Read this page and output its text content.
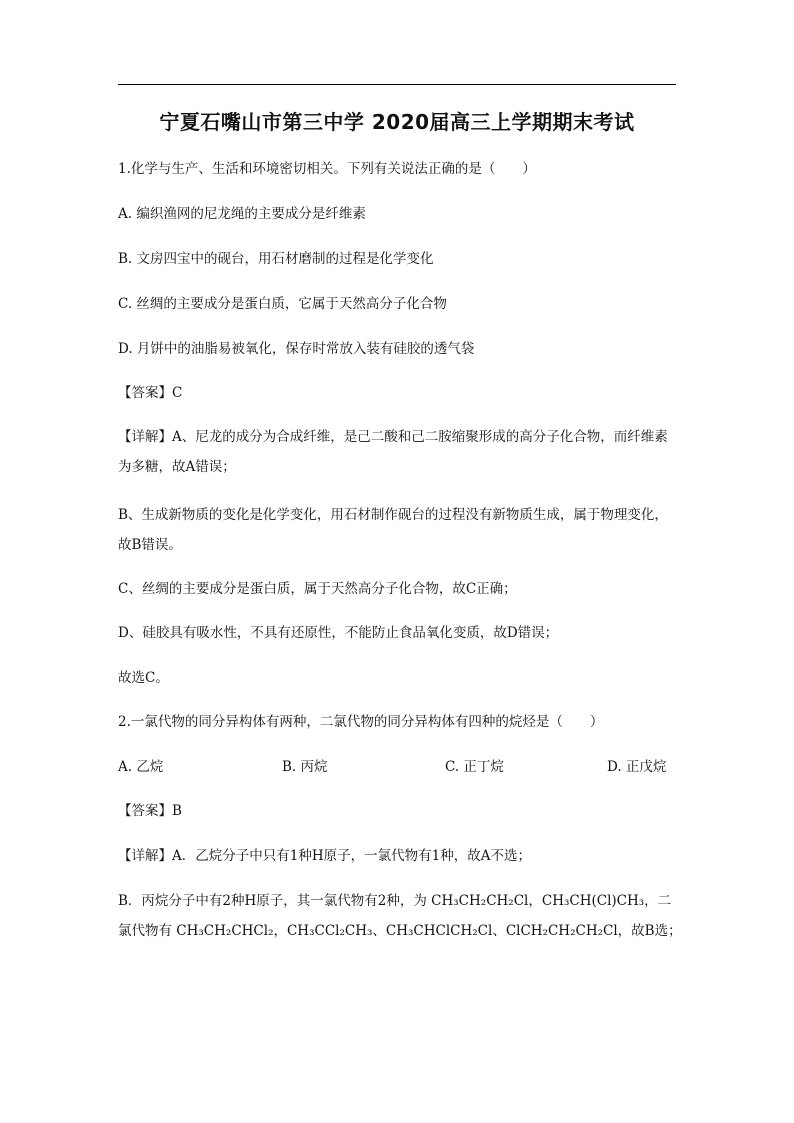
宁夏石嘴山市第三中学 2020届高三上学期期末考试
1.化学与生产、生活和环境密切相关。下列有关说法正确的是（　　）
A. 编织渔网的尼龙绳的主要成分是纤维素
B. 文房四宝中的砚台，用石材磨制的过程是化学变化
C. 丝绸的主要成分是蛋白质，它属于天然高分子化合物
D. 月饼中的油脂易被氧化，保存时常放入装有硅胶的透气袋
【答案】C
【详解】A、尼龙的成分为合成纤维，是己二酸和己二胺缩聚形成的高分子化合物，而纤维素为多糖，故A错误；
B、生成新物质的变化是化学变化，用石材制作砚台的过程没有新物质生成，属于物理变化，故B错误。
C、丝绸的主要成分是蛋白质，属于天然高分子化合物，故C正确；
D、硅胶具有吸水性，不具有还原性，不能防止食品氧化变质，故D错误；
故选C。
2.一氯代物的同分异构体有两种，二氯代物的同分异构体有四种的烷烃是（　　）
A. 乙烷	B. 丙烷	C. 正丁烷	D. 正戊烷
【答案】B
【详解】A．乙烷分子中只有1种H原子，一氯代物有1种，故A不选；
B．丙烷分子中有2种H原子，其一氯代物有2种，为 CH₃CH₂CH₂Cl，CH₃CH(Cl)CH₃，二
氯代物有 CH₃CH₂CHCl₂，CH₃CCl₂CH₃、CH₃CHClCH₂Cl、ClCH₂CH₂CH₂Cl，故B选；
